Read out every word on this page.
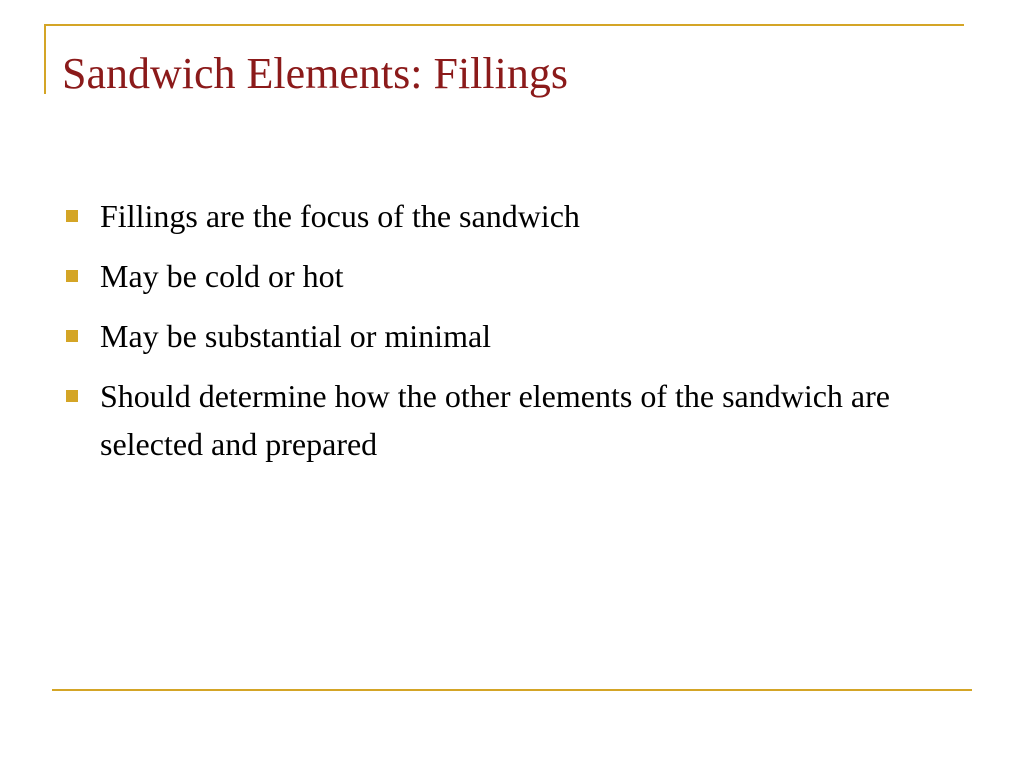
Sandwich Elements: Fillings
Fillings are the focus of the sandwich
May be cold or hot
May be substantial or minimal
Should determine how the other elements of the sandwich are selected and prepared
